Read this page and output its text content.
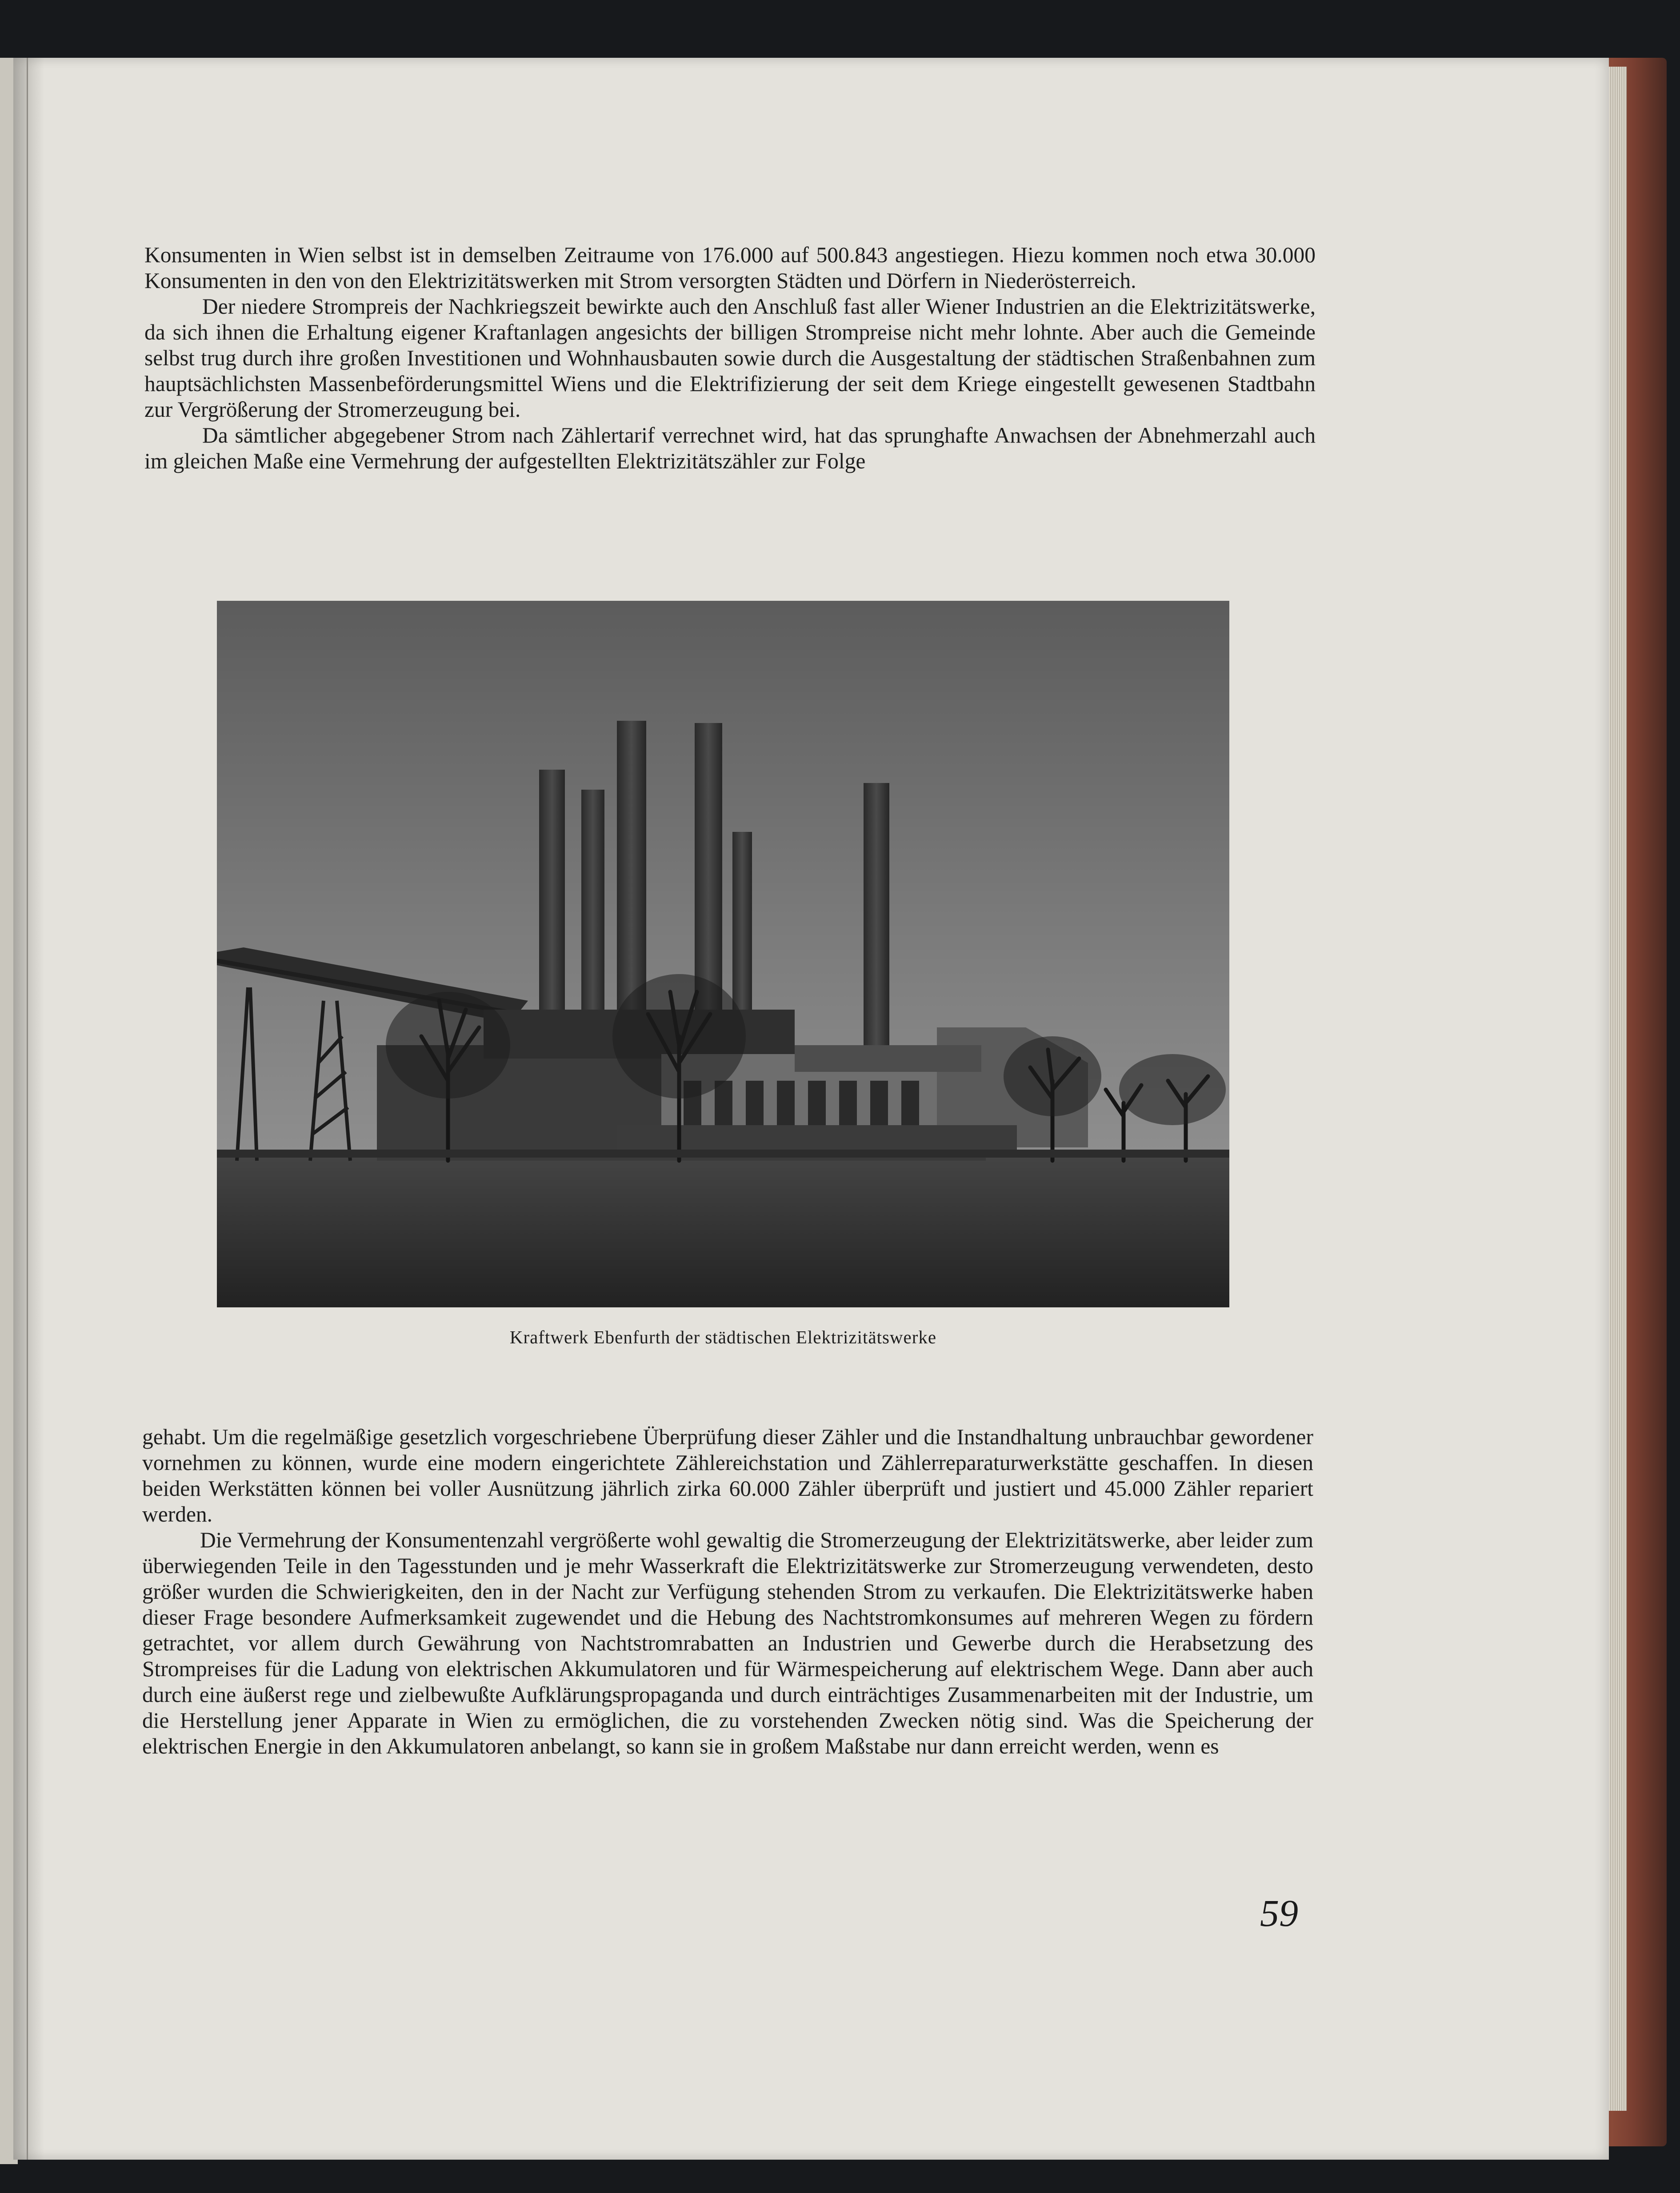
Konsumenten in Wien selbst ist in demselben Zeitraume von 176.000 auf 500.843 angestiegen. Hiezu kommen noch etwa 30.000 Konsumenten in den von den Elektrizitätswerken mit Strom versorgten Städten und Dörfern in Niederösterreich.

Der niedere Strompreis der Nachkriegszeit bewirkte auch den Anschluß fast aller Wiener Industrien an die Elektrizitätswerke, da sich ihnen die Erhaltung eigener Kraftanlagen angesichts der billigen Strompreise nicht mehr lohnte. Aber auch die Gemeinde selbst trug durch ihre großen Investitionen und Wohnhausbauten sowie durch die Ausgestaltung der städtischen Straßenbahnen zum hauptsächlichsten Massenbeförderungsmittel Wiens und die Elektrifizierung der seit dem Kriege eingestellt gewesenen Stadtbahn zur Vergrößerung der Stromerzeugung bei.

Da sämtlicher abgegebener Strom nach Zählertarif verrechnet wird, hat das sprunghafte Anwachsen der Abnehmerzahl auch im gleichen Maße eine Vermehrung der aufgestellten Elektrizitätszähler zur Folge

Kraftwerk Ebenfurth der städtischen Elektrizitätswerke

gehabt. Um die regelmäßige gesetzlich vorgeschriebene Überprüfung dieser Zähler und die Instandhaltung unbrauchbar gewordener vornehmen zu können, wurde eine modern eingerichtete Zählereichstation und Zählerreparaturwerkstätte geschaffen. In diesen beiden Werkstätten können bei voller Ausnützung jährlich zirka 60.000 Zähler überprüft und justiert und 45.000 Zähler repariert werden.

Die Vermehrung der Konsumentenzahl vergrößerte wohl gewaltig die Stromerzeugung der Elektrizitätswerke, aber leider zum überwiegenden Teile in den Tagesstunden und je mehr Wasserkraft die Elektrizitätswerke zur Stromerzeugung verwendeten, desto größer wurden die Schwierigkeiten, den in der Nacht zur Verfügung stehenden Strom zu verkaufen. Die Elektrizitätswerke haben dieser Frage besondere Aufmerksamkeit zugewendet und die Hebung des Nachtstromkonsumes auf mehreren Wegen zu fördern getrachtet, vor allem durch Gewährung von Nachtstromrabatten an Industrien und Gewerbe durch die Herabsetzung des Strompreises für die Ladung von elektrischen Akkumulatoren und für Wärmespeicherung auf elektrischem Wege. Dann aber auch durch eine äußerst rege und zielbewußte Aufklärungspropaganda und durch einträchtiges Zusammenarbeiten mit der Industrie, um die Herstellung jener Apparate in Wien zu ermöglichen, die zu vorstehenden Zwecken nötig sind. Was die Speicherung der elektrischen Energie in den Akkumulatoren anbelangt, so kann sie in großem Maßstabe nur dann erreicht werden, wenn es

59
